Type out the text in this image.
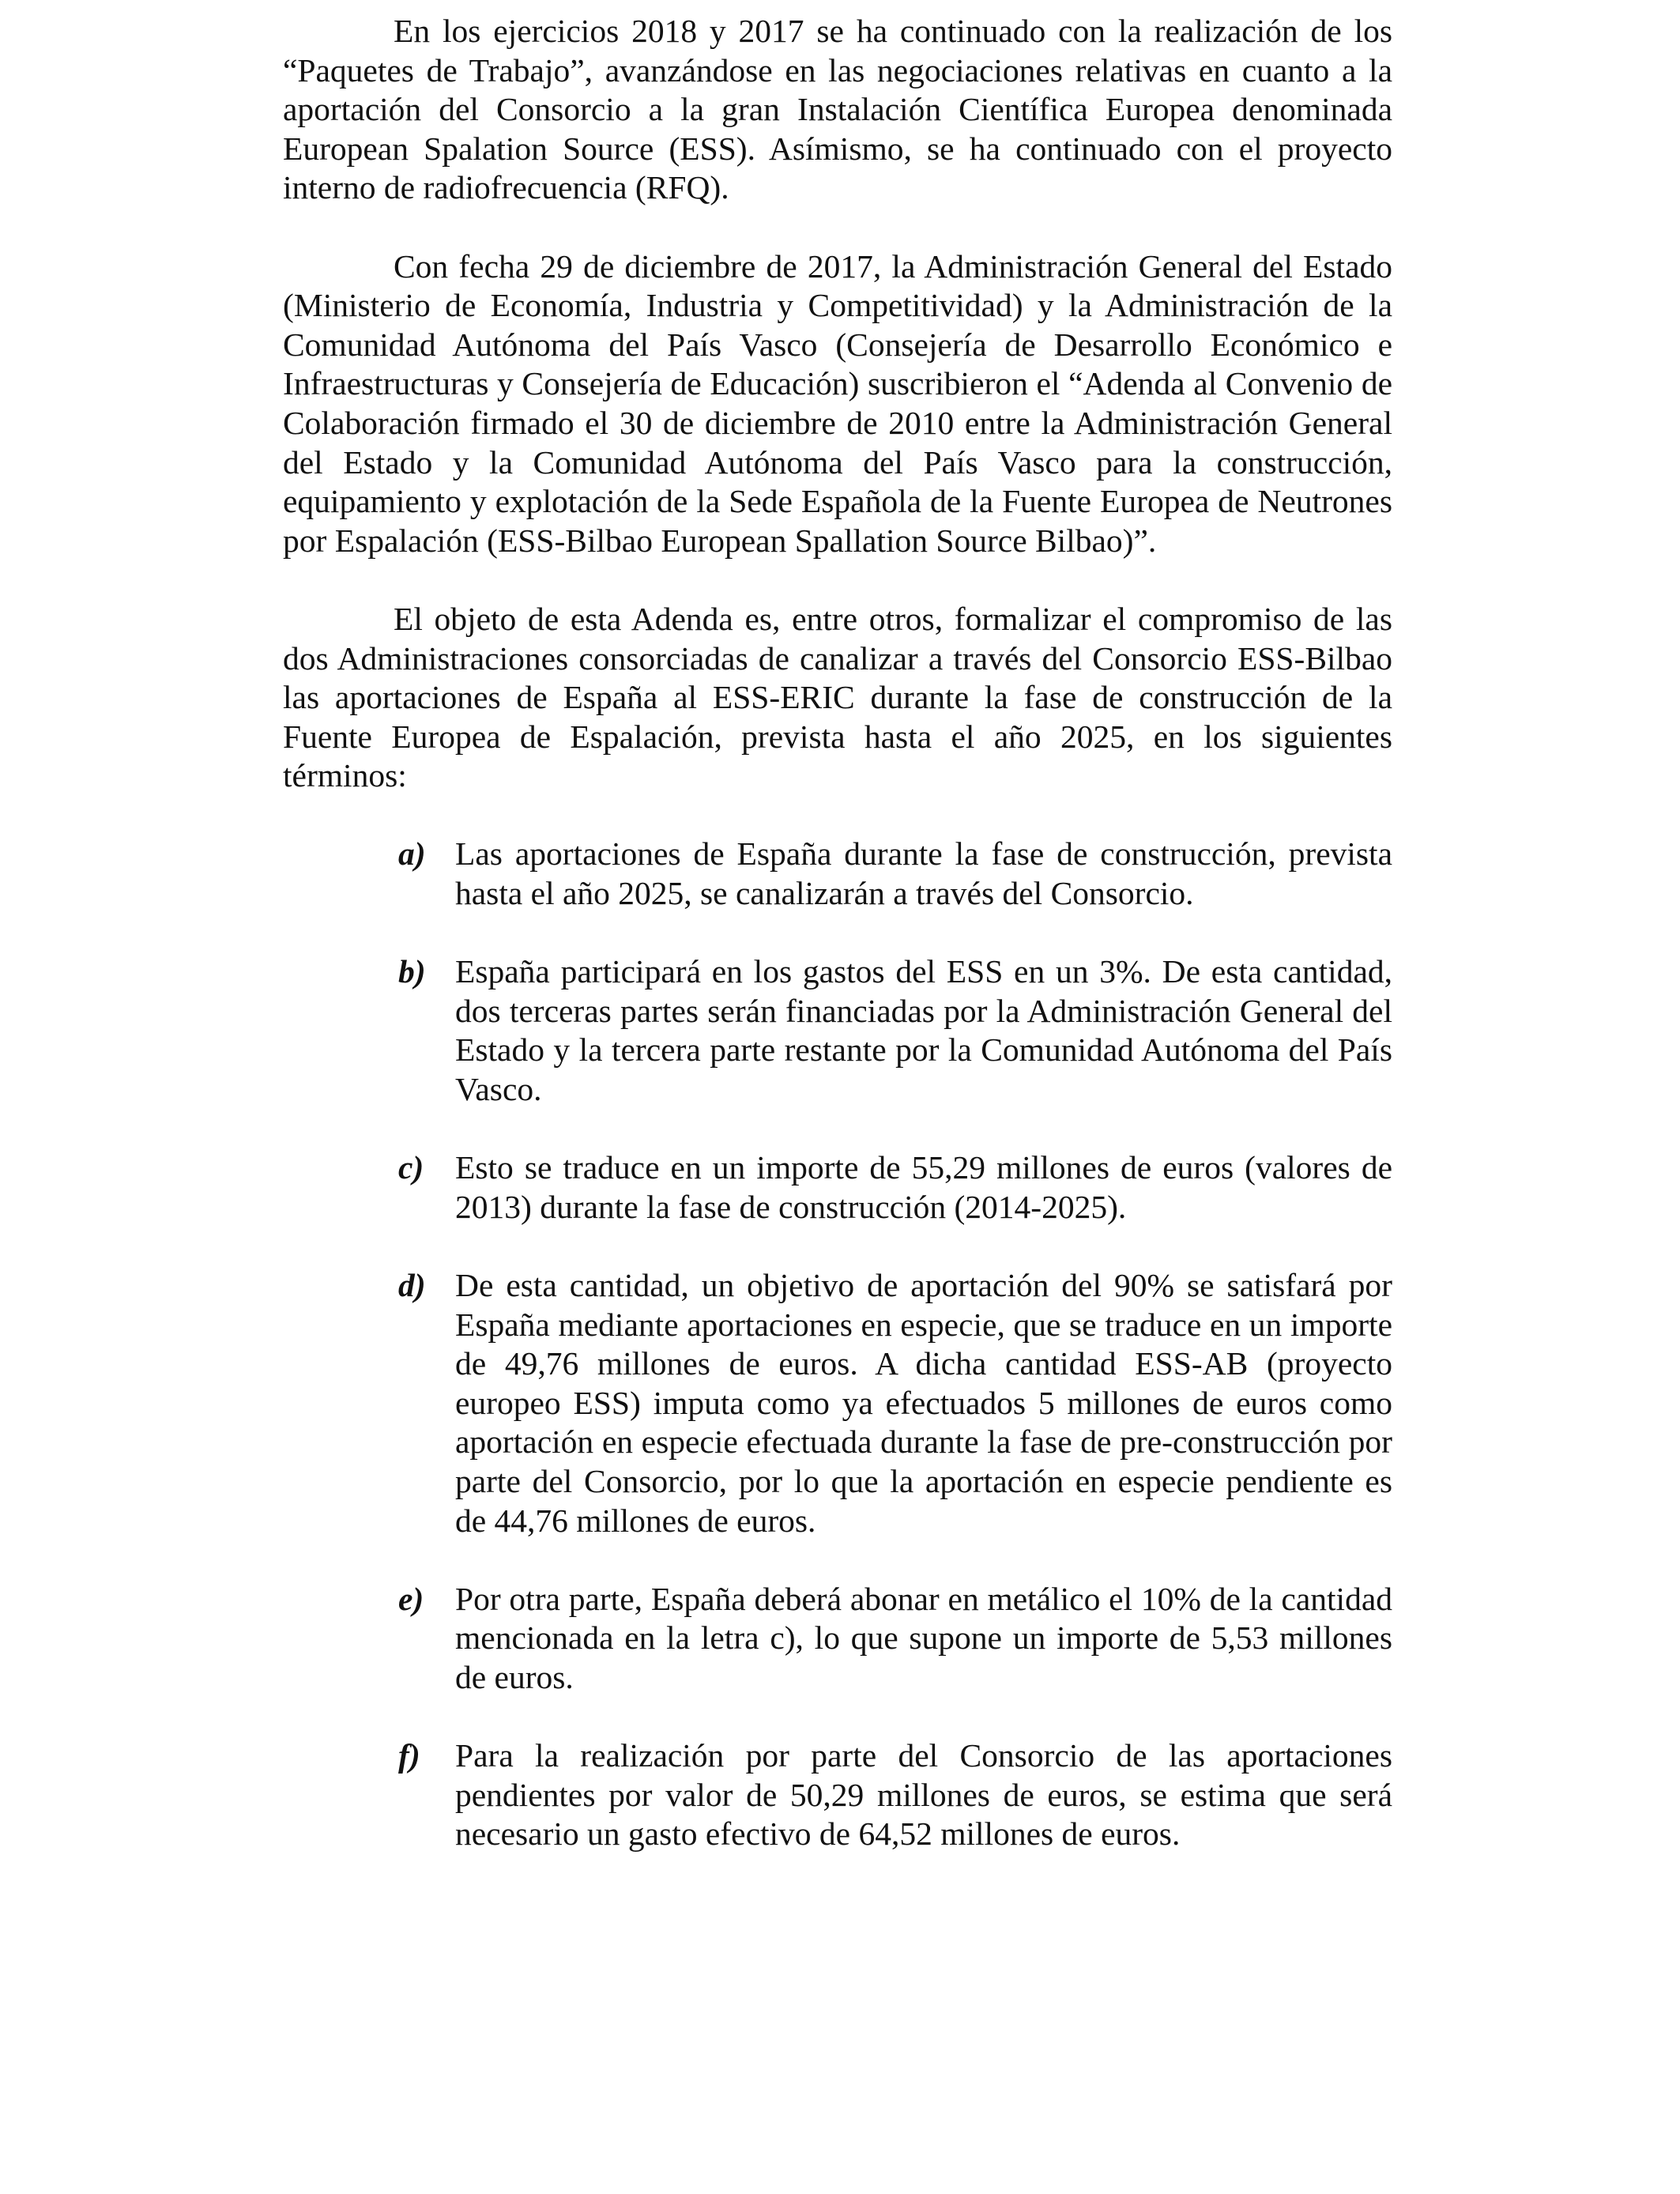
En los ejercicios 2018 y 2017 se ha continuado con la realización de los “Paquetes de Trabajo”, avanzándose en las negociaciones relativas en cuanto a la aportación del Consorcio a la gran Instalación Científica Europea denominada European Spalation Source (ESS). Asímismo, se ha continuado con el proyecto interno de radiofrecuencia (RFQ).

Con fecha 29 de diciembre de 2017, la Administración General del Estado (Ministerio de Economía, Industria y Competitividad) y la Administración de la Comunidad Autónoma del País Vasco (Consejería de Desarrollo Económico e Infraestructuras y Consejería de Educación) suscribieron el “Adenda al Convenio de Colaboración firmado el 30 de diciembre de 2010 entre la Administración General del Estado y la Comunidad Autónoma del País Vasco para la construcción, equipamiento y explotación de la Sede Española de la Fuente Europea de Neutrones por Espalación (ESS-Bilbao European Spallation Source Bilbao)”.

El objeto de esta Adenda es, entre otros, formalizar el compromiso de las dos Administraciones consorciadas de canalizar a través del Consorcio ESS-Bilbao las aportaciones de España al ESS-ERIC durante la fase de construcción de la Fuente Europea de Espalación, prevista hasta el año 2025, en los siguientes términos:

a) Las aportaciones de España durante la fase de construcción, prevista hasta el año 2025, se canalizarán a través del Consorcio.
b) España participará en los gastos del ESS en un 3%. De esta cantidad, dos terceras partes serán financiadas por la Administración General del Estado y la tercera parte restante por la Comunidad Autónoma del País Vasco.
c) Esto se traduce en un importe de 55,29 millones de euros (valores de 2013) durante la fase de construcción (2014-2025).
d) De esta cantidad, un objetivo de aportación del 90% se satisfará por España mediante aportaciones en especie, que se traduce en un importe de 49,76 millones de euros. A dicha cantidad ESS-AB (proyecto europeo ESS) imputa como ya efectuados 5 millones de euros como aportación en especie efectuada durante la fase de pre-construcción por parte del Consorcio, por lo que la aportación en especie pendiente es de 44,76 millones de euros.
e) Por otra parte, España deberá abonar en metálico el 10% de la cantidad mencionada en la letra c), lo que supone un importe de 5,53 millones de euros.
f) Para la realización por parte del Consorcio de las aportaciones pendientes por valor de 50,29 millones de euros, se estima que será necesario un gasto efectivo de 64,52 millones de euros.
